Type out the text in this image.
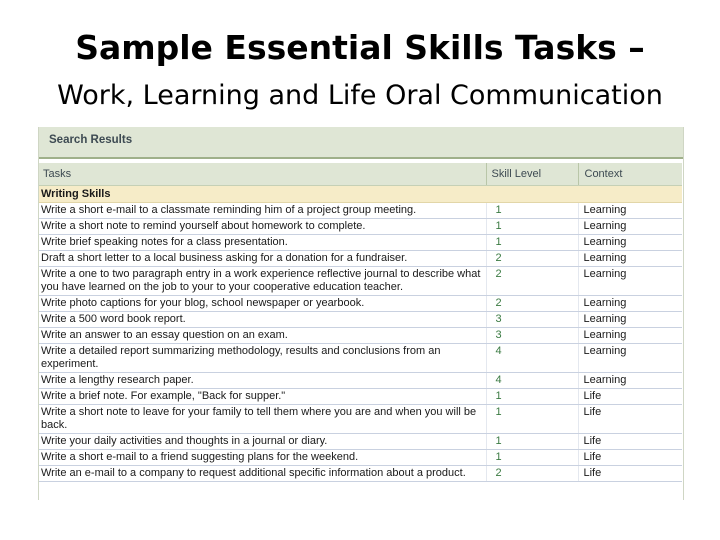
Sample Essential Skills Tasks –
Work, Learning and Life Oral Communication
Search Results
Tasks	Skill Level	Context
Writing Skills		
Write a short e-mail to a classmate reminding him of a project group meeting.	1	Learning
Write a short note to remind yourself about homework to complete.	1	Learning
Write brief speaking notes for a class presentation.	1	Learning
Draft a short letter to a local business asking for a donation for a fundraiser.	2	Learning
Write a one to two paragraph entry in a work experience reflective journal to describe what you have learned on the job to your to your cooperative education teacher.	2	Learning
Write photo captions for your blog, school newspaper or yearbook.	2	Learning
Write a 500 word book report.	3	Learning
Write an answer to an essay question on an exam.	3	Learning
Write a detailed report summarizing methodology, results and conclusions from an experiment.	4	Learning
Write a lengthy research paper.	4	Learning
Write a brief note. For example, "Back for supper."	1	Life
Write a short note to leave for your family to tell them where you are and when you will be back.	1	Life
Write your daily activities and thoughts in a journal or diary.	1	Life
Write a short e-mail to a friend suggesting plans for the weekend.	1	Life
Write an e-mail to a company to request additional specific information about a product.	2	Life
